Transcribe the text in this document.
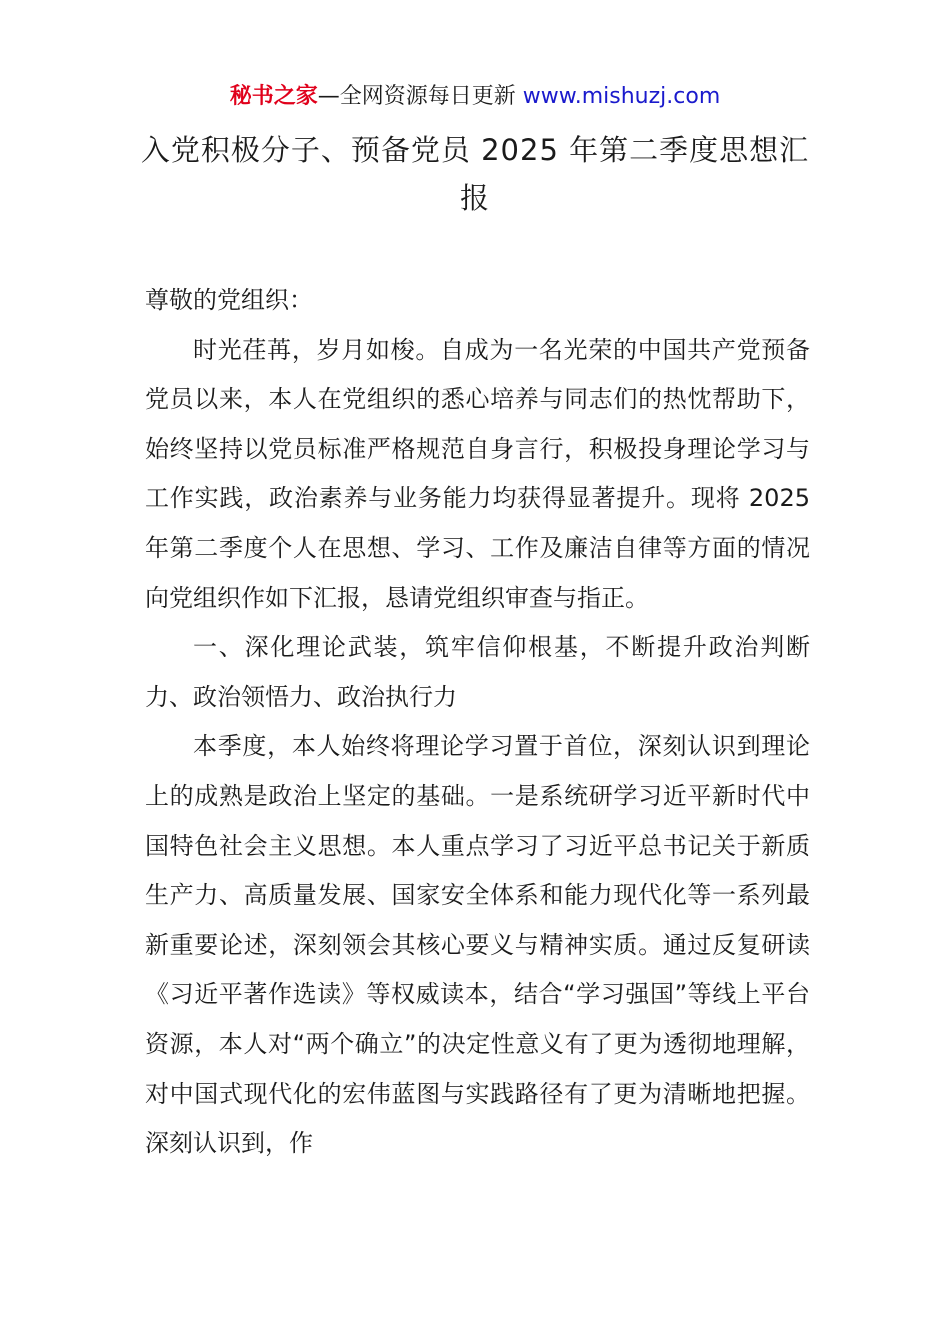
秘书之家—全网资源每日更新 www.mishuzj.com
入党积极分子、预备党员 2025 年第二季度思想汇报

尊敬的党组织：

时光荏苒，岁月如梭。自成为一名光荣的中国共产党预备党员以来，本人在党组织的悉心培养与同志们的热忱帮助下，始终坚持以党员标准严格规范自身言行，积极投身理论学习与工作实践，政治素养与业务能力均获得显著提升。现将 2025 年第二季度个人在思想、学习、工作及廉洁自律等方面的情况向党组织作如下汇报，恳请党组织审查与指正。

一、深化理论武装，筑牢信仰根基，不断提升政治判断力、政治领悟力、政治执行力

本季度，本人始终将理论学习置于首位，深刻认识到理论上的成熟是政治上坚定的基础。一是系统研学习近平新时代中国特色社会主义思想。本人重点学习了习近平总书记关于新质生产力、高质量发展、国家安全体系和能力现代化等一系列最新重要论述，深刻领会其核心要义与精神实质。通过反复研读《习近平著作选读》等权威读本，结合“学习强国”等线上平台资源，本人对“两个确立”的决定性意义有了更为透彻地理解，对中国式现代化的宏伟蓝图与实践路径有了更为清晰地把握。深刻认识到，作
